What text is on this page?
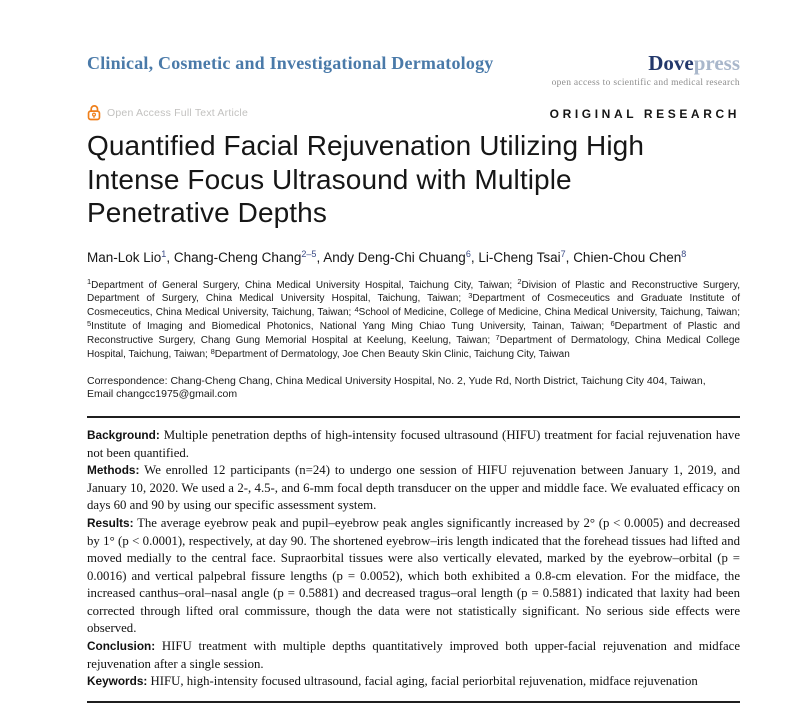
Clinical, Cosmetic and Investigational Dermatology	Dovepress
open access to scientific and medical research
Open Access Full Text Article	ORIGINAL RESEARCH
Quantified Facial Rejuvenation Utilizing High Intense Focus Ultrasound with Multiple Penetrative Depths
Man-Lok Lio$^1$, Chang-Cheng Chang$^{2-5}$, Andy Deng-Chi Chuang$^6$, Li-Cheng Tsai$^7$, Chien-Chou Chen$^8$
$^1$Department of General Surgery, China Medical University Hospital, Taichung City, Taiwan; $^2$Division of Plastic and Reconstructive Surgery, Department of Surgery, China Medical University Hospital, Taichung, Taiwan; $^3$Department of Cosmeceutics and Graduate Institute of Cosmeceutics, China Medical University, Taichung, Taiwan; $^4$School of Medicine, College of Medicine, China Medical University, Taichung, Taiwan; $^5$Institute of Imaging and Biomedical Photonics, National Yang Ming Chiao Tung University, Tainan, Taiwan; $^6$Department of Plastic and Reconstructive Surgery, Chang Gung Memorial Hospital at Keelung, Keelung, Taiwan; $^7$Department of Dermatology, China Medical College Hospital, Taichung, Taiwan; $^8$Department of Dermatology, Joe Chen Beauty Skin Clinic, Taichung City, Taiwan
Correspondence: Chang-Cheng Chang, China Medical University Hospital, No. 2, Yude Rd, North District, Taichung City 404, Taiwan, Email changcc1975@gmail.com

Background: Multiple penetration depths of high-intensity focused ultrasound (HIFU) treatment for facial rejuvenation have not been quantified.

Methods: We enrolled 12 participants (n=24) to undergo one session of HIFU rejuvenation between January 1, 2019, and January 10, 2020. We used a 2-, 4.5-, and 6-mm focal depth transducer on the upper and middle face. We evaluated efficacy on days 60 and 90 by using our specific assessment system.

Results: The average eyebrow peak and pupil–eyebrow peak angles significantly increased by 2° (p < 0.0005) and decreased by 1° (p < 0.0001), respectively, at day 90. The shortened eyebrow–iris length indicated that the forehead tissues had lifted and moved medially to the central face. Supraorbital tissues were also vertically elevated, marked by the eyebrow–orbital (p = 0.0016) and vertical palpebral fissure lengths (p = 0.0052), which both exhibited a 0.8-cm elevation. For the midface, the increased canthus–oral–nasal angle (p = 0.5881) and decreased tragus–oral length (p = 0.5881) indicated that laxity had been corrected through lifted oral commissure, though the data were not statistically significant. No serious side effects were observed.

Conclusion: HIFU treatment with multiple depths quantitatively improved both upper-facial rejuvenation and midface rejuvenation after a single session.

Keywords: HIFU, high-intensity focused ultrasound, facial aging, facial periorbital rejuvenation, midface rejuvenation
